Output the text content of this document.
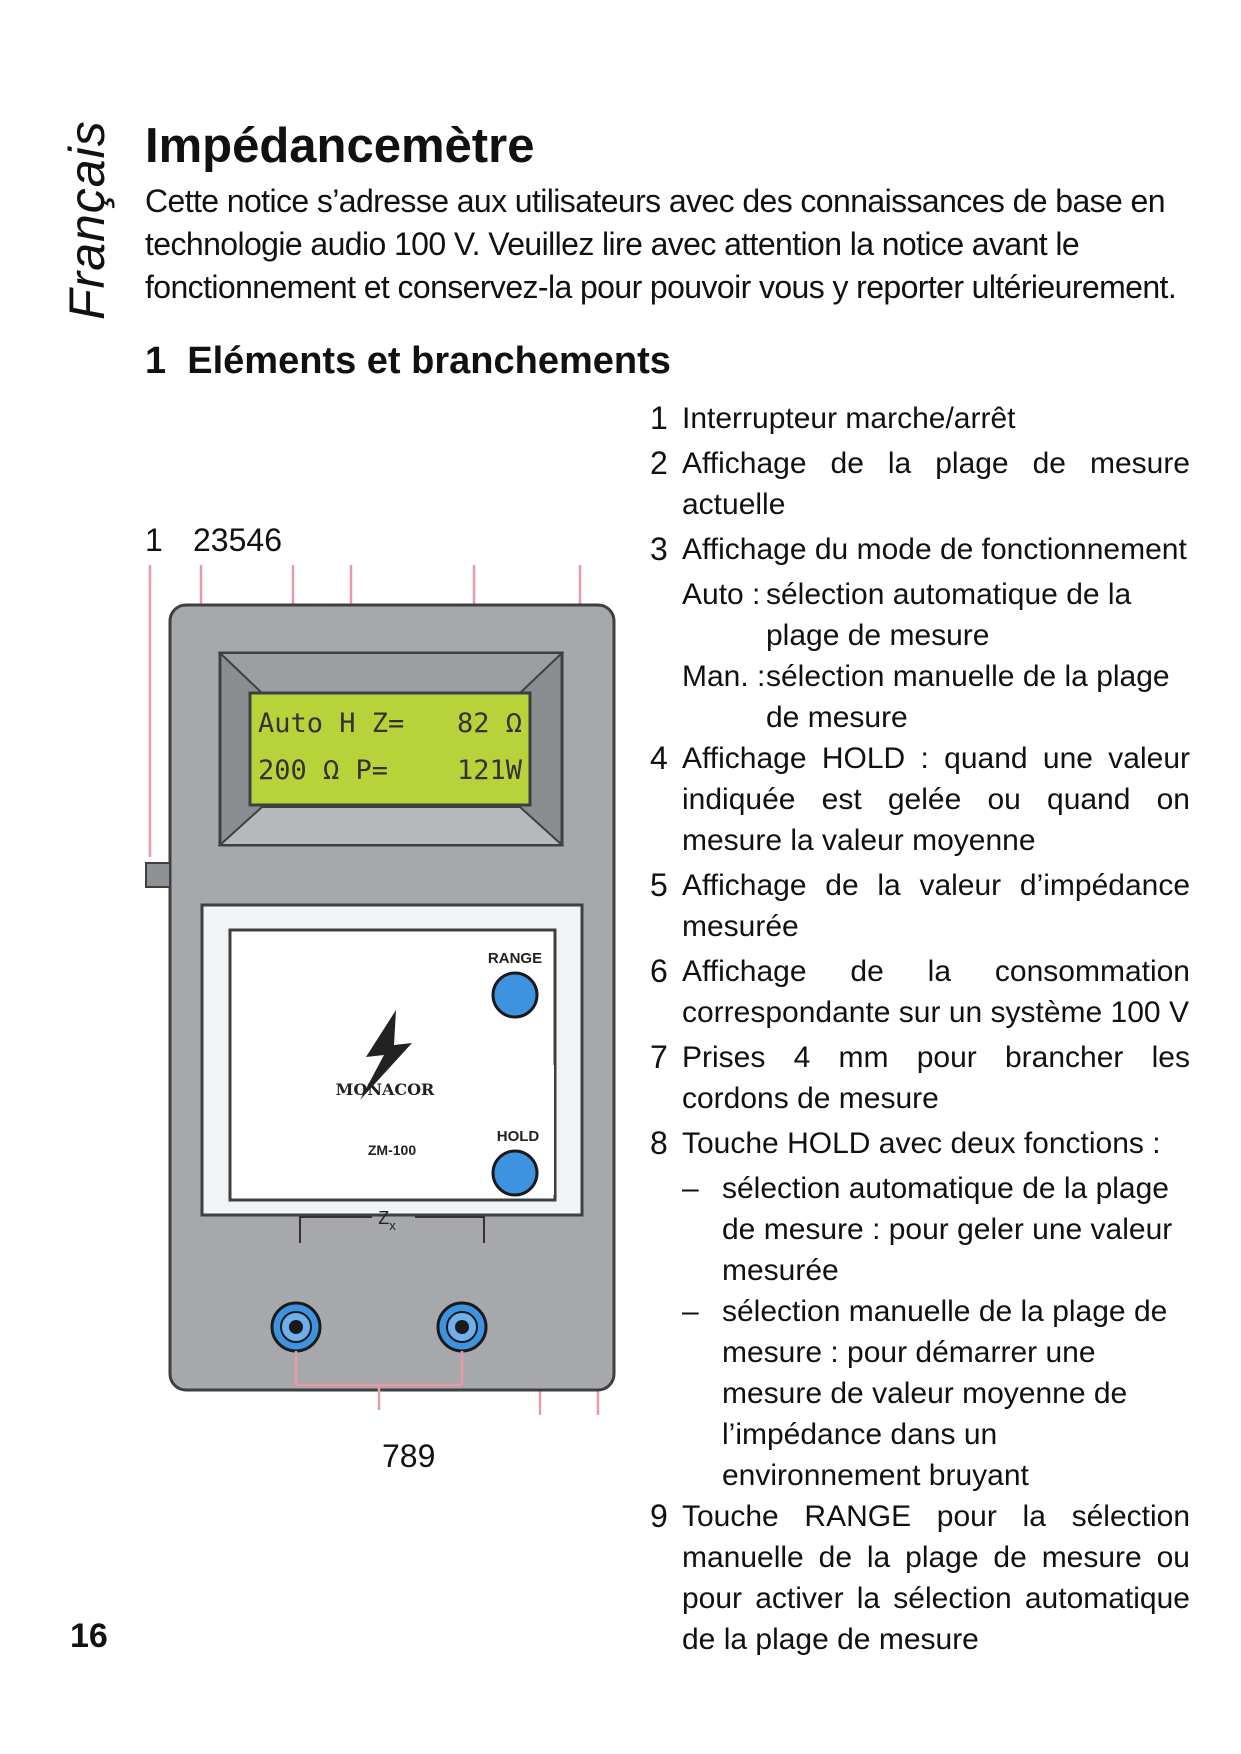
Français Impédancemètre

Cette notice s’adresse aux utilisateurs avec des connaissances de base en technologie audio 100 V. Veuillez lire avec attention la notice avant le fonctionnement et conservez-la pour pouvoir vous y reporter ultérieurement.

1 Eléments et branchements
1 23546
789
Auto H Z= 82 Ω
200 Ω P=	121W
RANGE
HOLD
MONACOR
ZM-100
$Z_x$
1 Interrupteur marche/arrêt
2 Affichage de la plage de mesure actuelle
3 Affichage du mode de fonctionnement
Auto : sélection automatique de la plage de mesure
Man. : sélection manuelle de la plage de mesure
4 Affichage HOLD : quand une valeur indiquée est gelée ou quand on mesure la valeur moyenne
5 Affichage de la valeur d’impédance mesurée
6 Affichage de la consommation correspondante sur un système 100 V
7 Prises 4 mm pour brancher les cordons de mesure
8 Touche HOLD avec deux fonctions :
– sélection automatique de la plage de mesure : pour geler une valeur mesurée
– sélection manuelle de la plage de mesure : pour démarrer une mesure de valeur moyenne de l’impédance dans un environnement bruyant
9 Touche RANGE pour la sélection manuelle de la plage de mesure ou pour activer la sélection automatique de la plage de mesure
16
